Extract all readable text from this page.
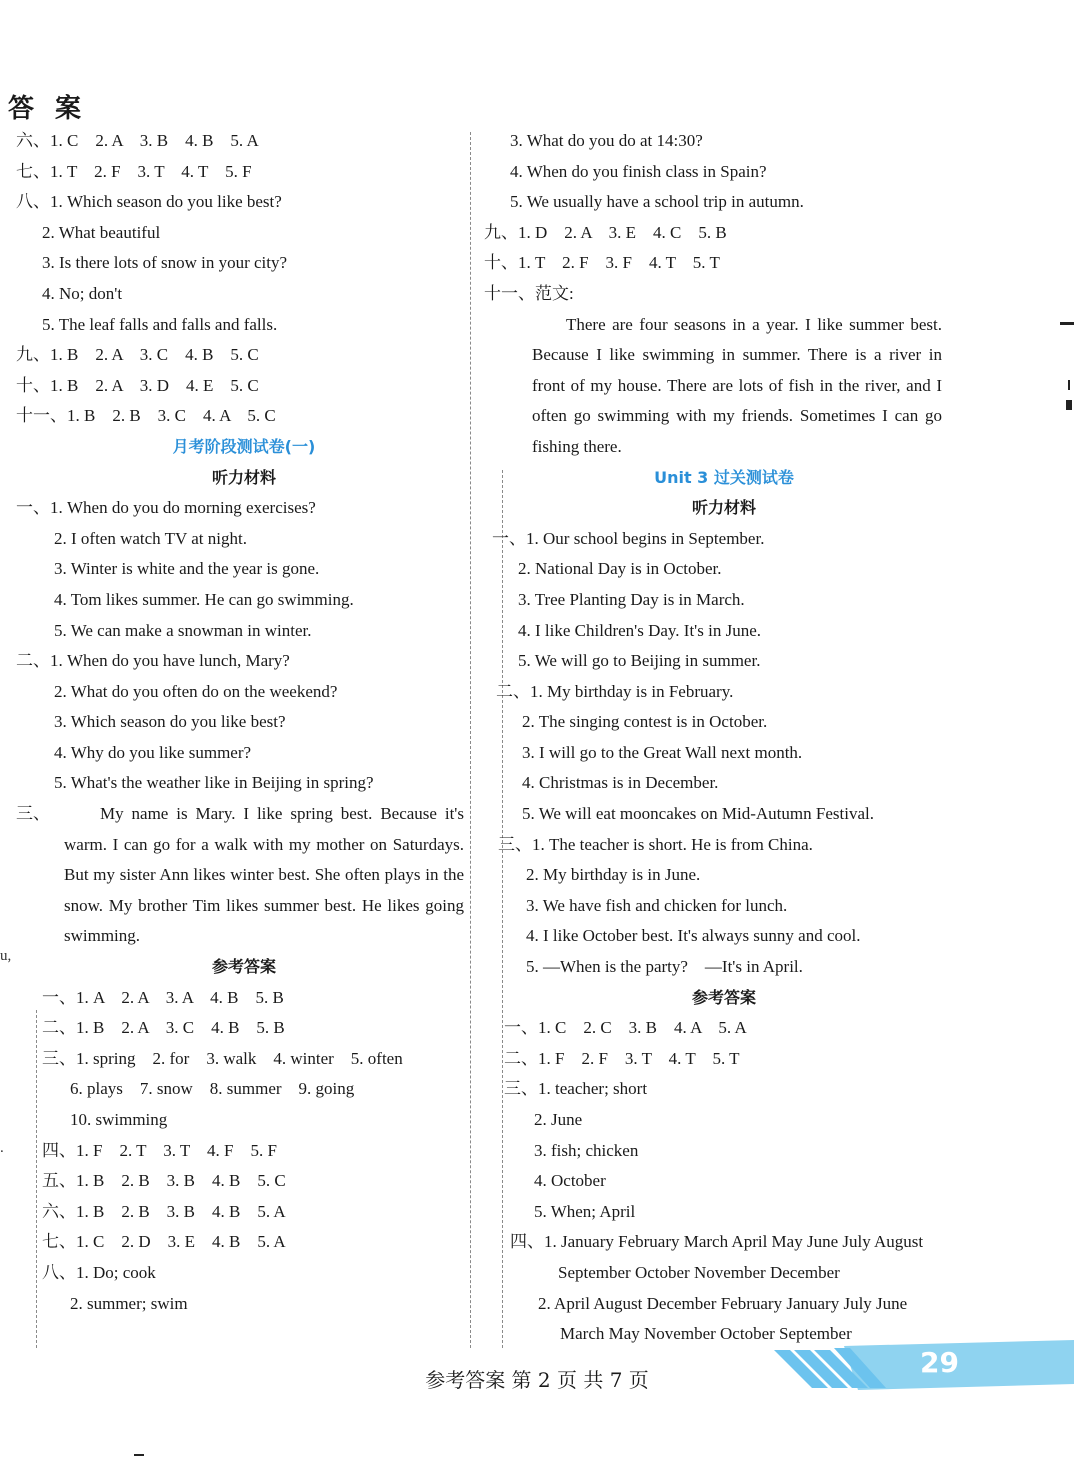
答 案
六、1. C　2. A　3. B　4. B　5. A
七、1. T　2. F　3. T　4. T　5. F
八、1. Which season do you like best?
2. What beautiful
3. Is there lots of snow in your city?
4. No; don't
5. The leaf falls and falls and falls.
九、1. B　2. A　3. C　4. B　5. C
十、1. B　2. A　3. D　4. E　5. C
十一、1. B　2. B　3. C　4. A　5. C
月考阶段测试卷(一)
听力材料
一、1. When do you do morning exercises?
2. I often watch TV at night.
3. Winter is white and the year is gone.
4. Tom likes summer. He can go swimming.
5. We can make a snowman in winter.
二、1. When do you have lunch, Mary?
2. What do you often do on the weekend?
3. Which season do you like best?
4. Why do you like summer?
5. What's the weather like in Beijing in spring?
三、	My name is Mary. I like spring best. Because it's warm. I can go for a walk with my mother on Saturdays. But my sister Ann likes winter best. She often plays in the snow. My brother Tim likes summer best. He likes going swimming.
参考答案
一、1. A　2. A　3. A　4. B　5. B
二、1. B　2. A　3. C　4. B　5. B
三、1. spring　2. for　3. walk　4. winter　5. often
6. plays　7. snow　8. summer　9. going
10. swimming
四、1. F　2. T　3. T　4. F　5. F
五、1. B　2. B　3. B　4. B　5. C
六、1. B　2. B　3. B　4. B　5. A
七、1. C　2. D　3. E　4. B　5. A
八、1. Do; cook
2. summer; swim
3. What do you do at 14:30?
4. When do you finish class in Spain?
5. We usually have a school trip in autumn.
九、1. D　2. A　3. E　4. C　5. B
十、1. T　2. F　3. F　4. T　5. T
十一、范文:
There are four seasons in a year. I like summer best. Because I like swimming in summer. There is a river in front of my house. There are lots of fish in the river, and I often go swimming with my friends. Sometimes I can go fishing there.
Unit 3 过关测试卷
听力材料
一、1. Our school begins in September.
2. National Day is in October.
3. Tree Planting Day is in March.
4. I like Children's Day. It's in June.
5. We will go to Beijing in summer.
二、1. My birthday is in February.
2. The singing contest is in October.
3. I will go to the Great Wall next month.
4. Christmas is in December.
5. We will eat mooncakes on Mid-Autumn Festival.
三、1. The teacher is short. He is from China.
2. My birthday is in June.
3. We have fish and chicken for lunch.
4. I like October best. It's always sunny and cool.
5. —When is the party?　—It's in April.
参考答案
一、1. C　2. C　3. B　4. A　5. A
二、1. F　2. F　3. T　4. T　5. T
三、1. teacher; short
2. June
3. fish; chicken
4. October
5. When; April
四、1. January February March April May June July August
September October November December
2. April August December February January July June
March May November October September
29
参考答案 第 2 页 共 7 页
u,
.
